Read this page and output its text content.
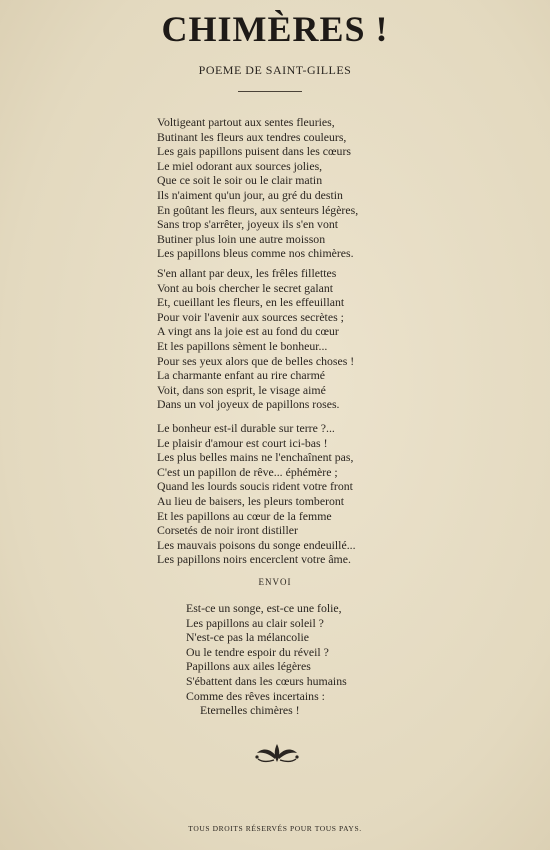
CHIMÈRES !
POEME DE SAINT-GILLES
Voltigeant partout aux sentes fleuries,
Butinant les fleurs aux tendres couleurs,
Les gais papillons puisent dans les cœurs
Le miel odorant aux sources jolies,
Que ce soit le soir ou le clair matin
Ils n'aiment qu'un jour, au gré du destin
En goûtant les fleurs, aux senteurs légères,
Sans trop s'arrêter, joyeux ils s'en vont
Butiner plus loin une autre moisson
Les papillons bleus comme nos chimères.
S'en allant par deux, les frêles fillettes
Vont au bois chercher le secret galant
Et, cueillant les fleurs, en les effeuillant
Pour voir l'avenir aux sources secrètes ;
A vingt ans la joie est au fond du cœur
Et les papillons sèment le bonheur...
Pour ses yeux alors que de belles choses !
La charmante enfant au rire charmé
Voit, dans son esprit, le visage aimé
Dans un vol joyeux de papillons roses.
Le bonheur est-il durable sur terre ?...
Le plaisir d'amour est court ici-bas !
Les plus belles mains ne l'enchaînent pas,
C'est un papillon de rêve... éphémère ;
Quand les lourds soucis rident votre front
Au lieu de baisers, les pleurs tomberont
Et les papillons au cœur de la femme
Corsetés de noir iront distiller
Les mauvais poisons du songe endeuillé...
Les papillons noirs encerclent votre âme.
ENVOI
Est-ce un songe, est-ce une folie,
Les papillons au clair soleil ?
N'est-ce pas la mélancolie
Ou le tendre espoir du réveil ?
Papillons aux ailes légères
S'ébattent dans les cœurs humains
Comme des rêves incertains :
Eternelles chimères !
TOUS DROITS RÉSERVÉS POUR TOUS PAYS.
